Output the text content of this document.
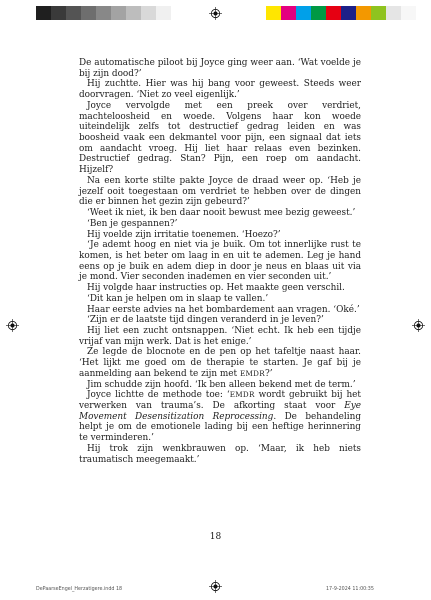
De automatische piloot bij Joyce ging weer aan. ‘Wat voelde je bij zijn dood?’

Hij zuchtte. Hier was hij bang voor geweest. Steeds weer doorvragen. ‘Niet zo veel eigenlijk.’

Joyce vervolgde met een preek over verdriet, machteloosheid en woede. Volgens haar kon woede uiteindelijk zelfs tot destructief gedrag leiden en was boosheid vaak een dekmantel voor pijn, een signaal dat iets om aandacht vroeg. Hij liet haar relaas even bezinken. Destructief gedrag. Stan? Pijn, een roep om aandacht. Hijzelf?

Na een korte stilte pakte Joyce de draad weer op. ‘Heb je jezelf ooit toegestaan om verdriet te hebben over de dingen die er binnen het gezin zijn gebeurd?’

‘Weet ik niet, ik ben daar nooit bewust mee bezig geweest.’

‘Ben je gespannen?’

Hij voelde zijn irritatie toenemen. ‘Hoezo?’

‘Je ademt hoog en niet via je buik. Om tot innerlijke rust te komen, is het beter om laag in en uit te ademen. Leg je hand eens op je buik en adem diep in door je neus en blaas uit via je mond. Vier seconden inademen en vier seconden uit.’

Hij volgde haar instructies op. Het maakte geen verschil.

‘Dit kan je helpen om in slaap te vallen.’

Haar eerste advies na het bombardement aan vragen. ‘Oké.’

‘Zijn er de laatste tijd dingen veranderd in je leven?’

Hij liet een zucht ontsnappen. ‘Niet echt. Ik heb een tijdje vrijaf van mijn werk. Dat is het enige.’

Ze legde de blocnote en de pen op het tafeltje naast haar. ‘Het lijkt me goed om de therapie te starten. Je gaf bij je aanmelding aan bekend te zijn met EMDR?’

Jim schudde zijn hoofd. ‘Ik ben alleen bekend met de term.’

Joyce lichtte de methode toe: ‘EMDR wordt gebruikt bij het verwerken van trauma’s. De afkorting staat voor Eye Movement Desensitization Reprocessing. De behandeling helpt je om de emotionele lading bij een heftige herinnering te verminderen.’

Hij trok zijn wenkbrauwen op. ‘Maar, ik heb niets traumatisch meegemaakt.’

18
DePaarseEngel_Herzatigere.indd 18	17-9-2024 11:00:35
